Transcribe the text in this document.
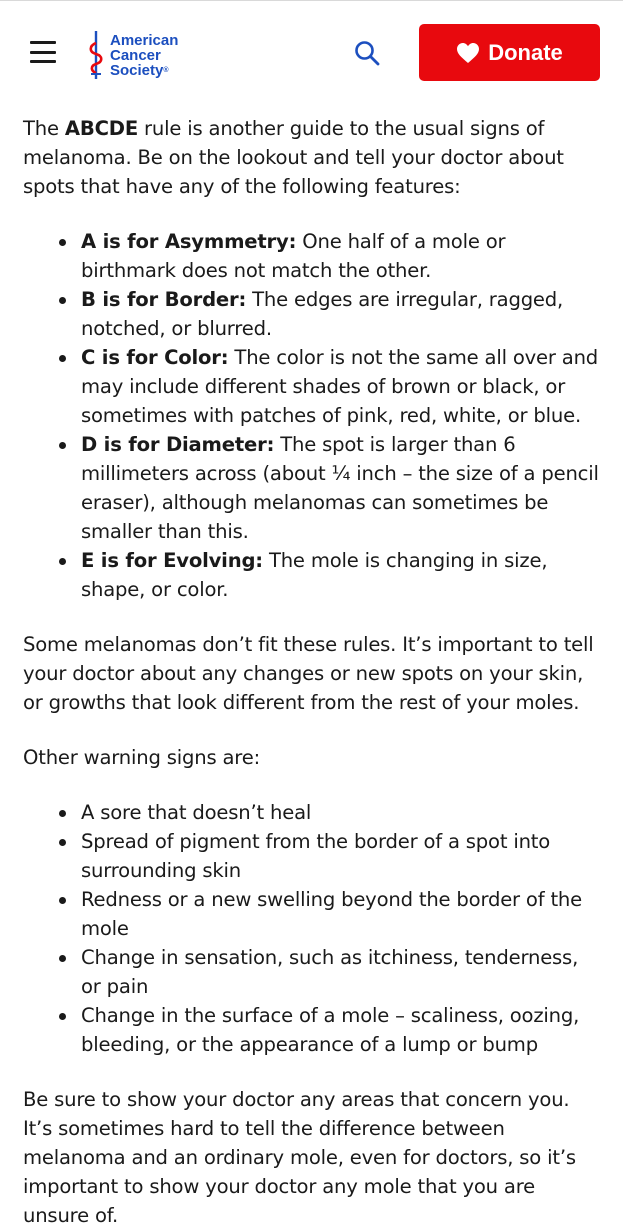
American
Cancer
Society®
Donate

The ABCDE rule is another guide to the usual signs of melanoma. Be on the lookout and tell your doctor about spots that have any of the following features:

A is for Asymmetry: One half of a mole or birthmark does not match the other.
B is for Border: The edges are irregular, ragged, notched, or blurred.
C is for Color: The color is not the same all over and may include different shades of brown or black, or sometimes with patches of pink, red, white, or blue.
D is for Diameter: The spot is larger than 6 millimeters across (about ¼ inch – the size of a pencil eraser), although melanomas can sometimes be smaller than this.
E is for Evolving: The mole is changing in size, shape, or color.

Some melanomas don’t fit these rules. It’s important to tell your doctor about any changes or new spots on your skin, or growths that look different from the rest of your moles.

Other warning signs are:

A sore that doesn’t heal
Spread of pigment from the border of a spot into surrounding skin
Redness or a new swelling beyond the border of the mole
Change in sensation, such as itchiness, tenderness, or pain
Change in the surface of a mole – scaliness, oozing, bleeding, or the appearance of a lump or bump

Be sure to show your doctor any areas that concern you. It’s sometimes hard to tell the difference between melanoma and an ordinary mole, even for doctors, so it’s important to show your doctor any mole that you are unsure of.
